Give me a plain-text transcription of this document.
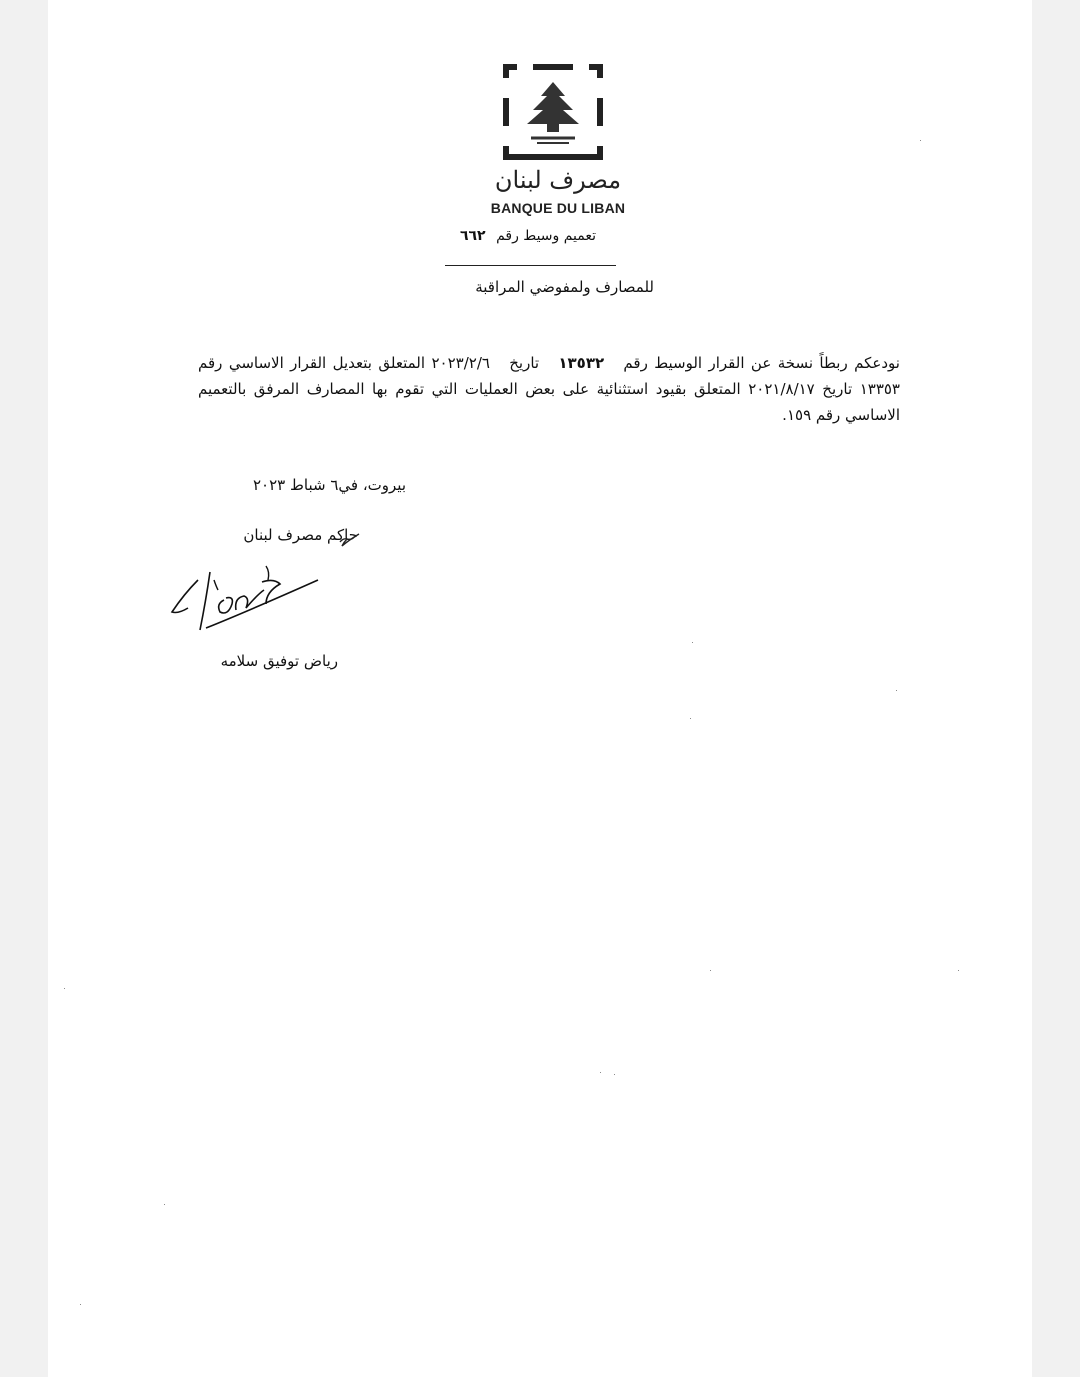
مصرف لبنان
BANQUE DU LIBAN
تعميم وسيط رقم ٦٦٢
للمصارف ولمفوضي المراقبة
نودعكم ربطاً نسخة عن القرار الوسيط رقم   ١٣٥٣٢   تاريخ   ٢٠٢٣/٢/٦ المتعلق بتعديل القرار الاساسي رقم ١٣٣٥٣ تاريخ ٢٠٢١/٨/١٧ المتعلق بقيود استثنائية على بعض العمليات التي تقوم بها المصارف المرفق بالتعميم الاساسي رقم ١٥٩.
بيروت، في٦ شباط ٢٠٢٣
حاكم مصرف لبنان
رياض توفيق سلامه
